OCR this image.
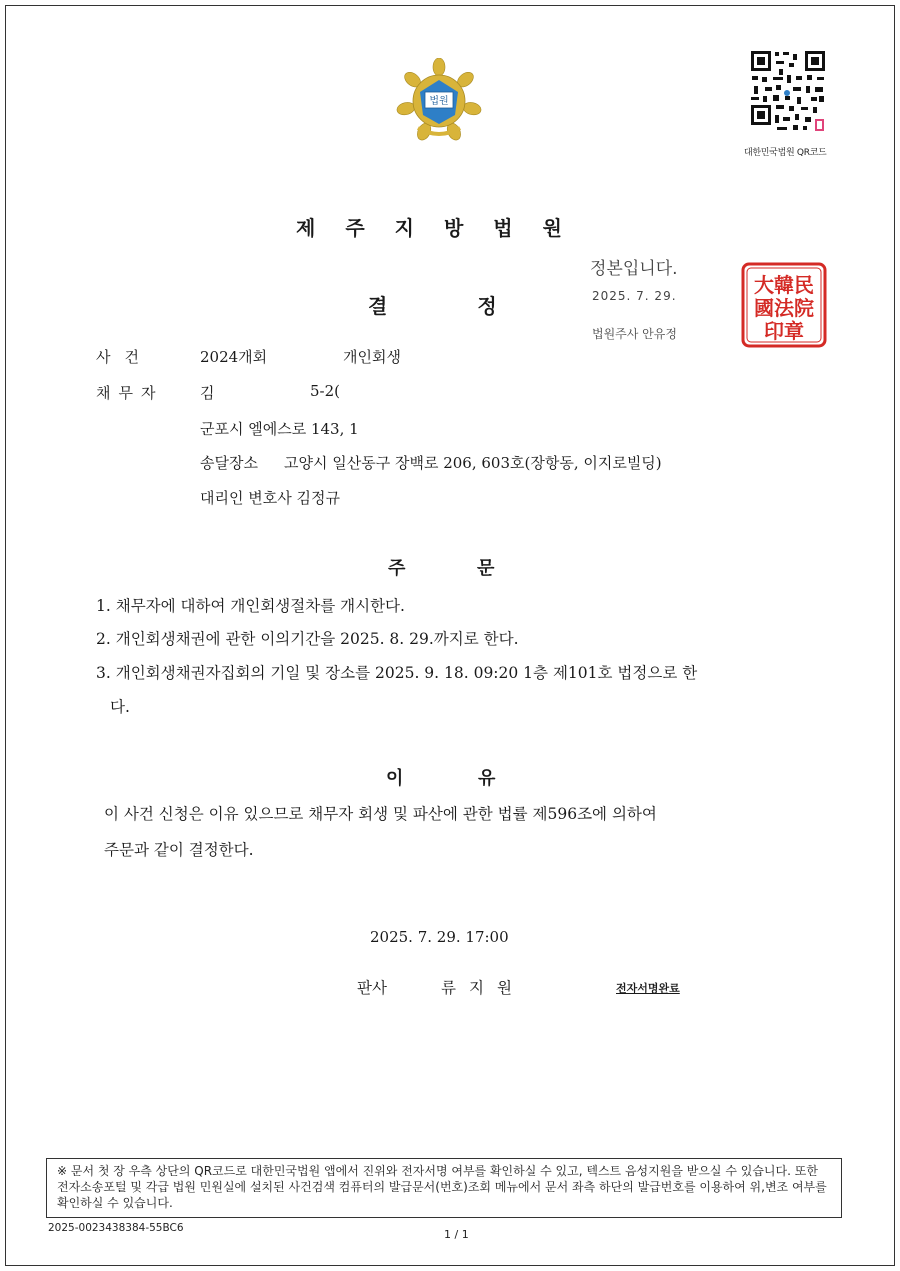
법원
대한민국법원 QR코드
제주지방법원
결	정
정본입니다.
2025. 7. 29.
법원주사 안유정
大韓民
國法院
印章
사건	2024개회	개인회생
채무자 김	5-2(
군포시 엘에스로 143, 1
송달장소 고양시 일산동구 장백로 206, 603호(장항동, 이지로빌딩)
대리인 변호사 김정규
주	문
1. 채무자에 대하여 개인회생절차를 개시한다.
2. 개인회생채권에 관한 이의기간을 2025. 8. 29.까지로 한다.
3. 개인회생채권자집회의 기일 및 장소를 2025. 9. 18. 09:20 1층 제101호 법정으로 한
다.
이	유
이 사건 신청은 이유 있으므로 채무자 회생 및 파산에 관한 법률 제596조에 의하여
주문과 같이 결정한다.
2025. 7. 29. 17:00
판사	류지원	전자서명완료
※ 문서 첫 장 우측 상단의 QR코드로 대한민국법원 앱에서 진위와 전자서명 여부를 확인하실 수 있고, 텍스트 음성지원을 받으실 수 있습니다. 또한 전자소송포털 및 각급 법원 민원실에 설치된 사건검색 컴퓨터의 발급문서(번호)조회 메뉴에서 문서 좌측 하단의 발급번호를 이용하여 위,변조 여부를 확인하실 수 있습니다.
2025-0023438384-55BC6	1 / 1
